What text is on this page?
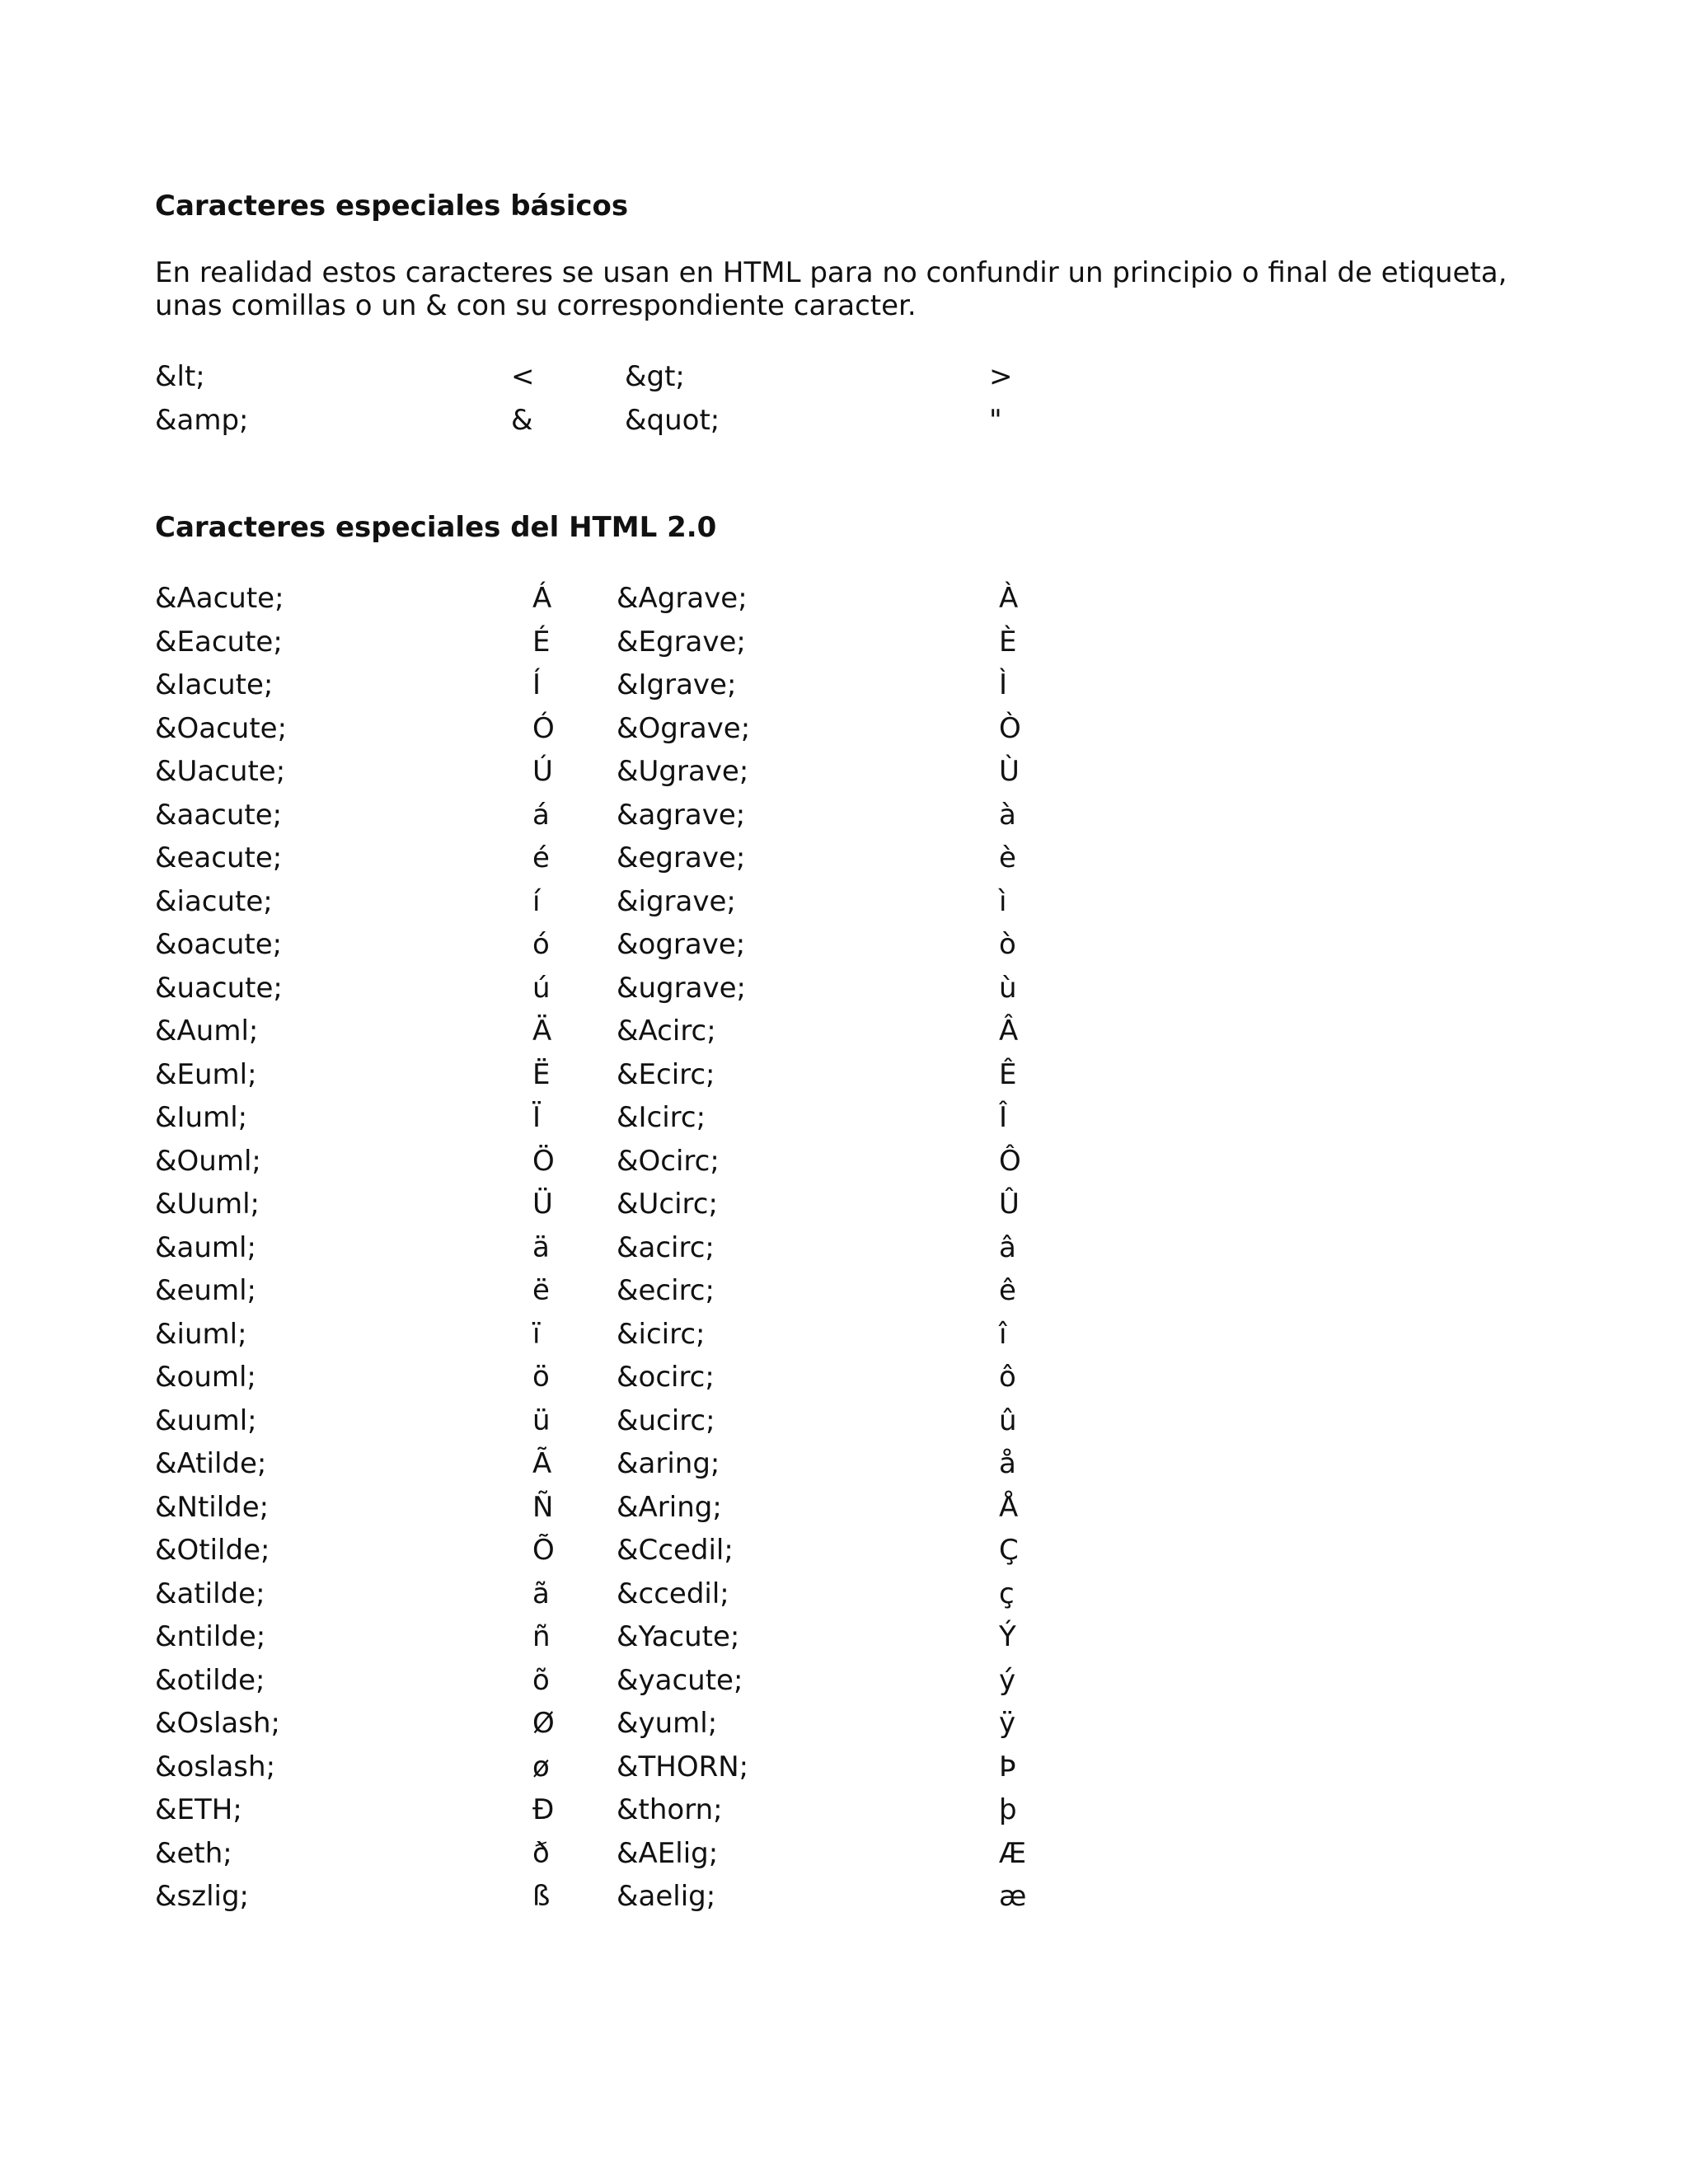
Caracteres especiales básicos

En realidad estos caracteres se usan en HTML para no confundir un principio o final de etiqueta,
unas comillas o un & con su correspondiente caracter.

&lt;	<	&gt;	>
&amp;	&	&quot;	"
Caracteres especiales del HTML 2.0
&Aacute;	Á &Agrave;	À
&Eacute;	É &Egrave;	È
&Iacute;	Í	&Igrave;	Ì
&Oacute;	Ó &Ograve;	Ò
&Uacute;	Ú &Ugrave;	Ù
&aacute;	á &agrave;	à
&eacute;	é &egrave;	è
&iacute;	í	&igrave;	ì
&oacute;	ó &ograve;	ò
&uacute;	ú &ugrave;	ù
&Auml;	Ä &Acirc;	Â
&Euml;	Ë &Ecirc;	Ê
&Iuml;	Ï	&Icirc;	Î
&Ouml;	Ö &Ocirc;	Ô
&Uuml;	Ü &Ucirc;	Û
&auml;	ä &acirc;	â
&euml;	ë &ecirc;	ê
&iuml;	ï	&icirc;	î
&ouml;	ö &ocirc;	ô
&uuml;	ü &ucirc;	û
&Atilde;	Ã &aring;	å
&Ntilde;	Ñ &Aring;	Å
&Otilde;	Õ &Ccedil;	Ç
&atilde;	ã &ccedil;	ç
&ntilde;	ñ &Yacute;	Ý
&otilde;	õ &yacute;	ý
&Oslash;	Ø &yuml;	ÿ
&oslash;	ø &THORN;	Þ
&ETH;	Ð &thorn;	þ
&eth;	ð &AElig;	Æ
&szlig;	ß &aelig;	æ
